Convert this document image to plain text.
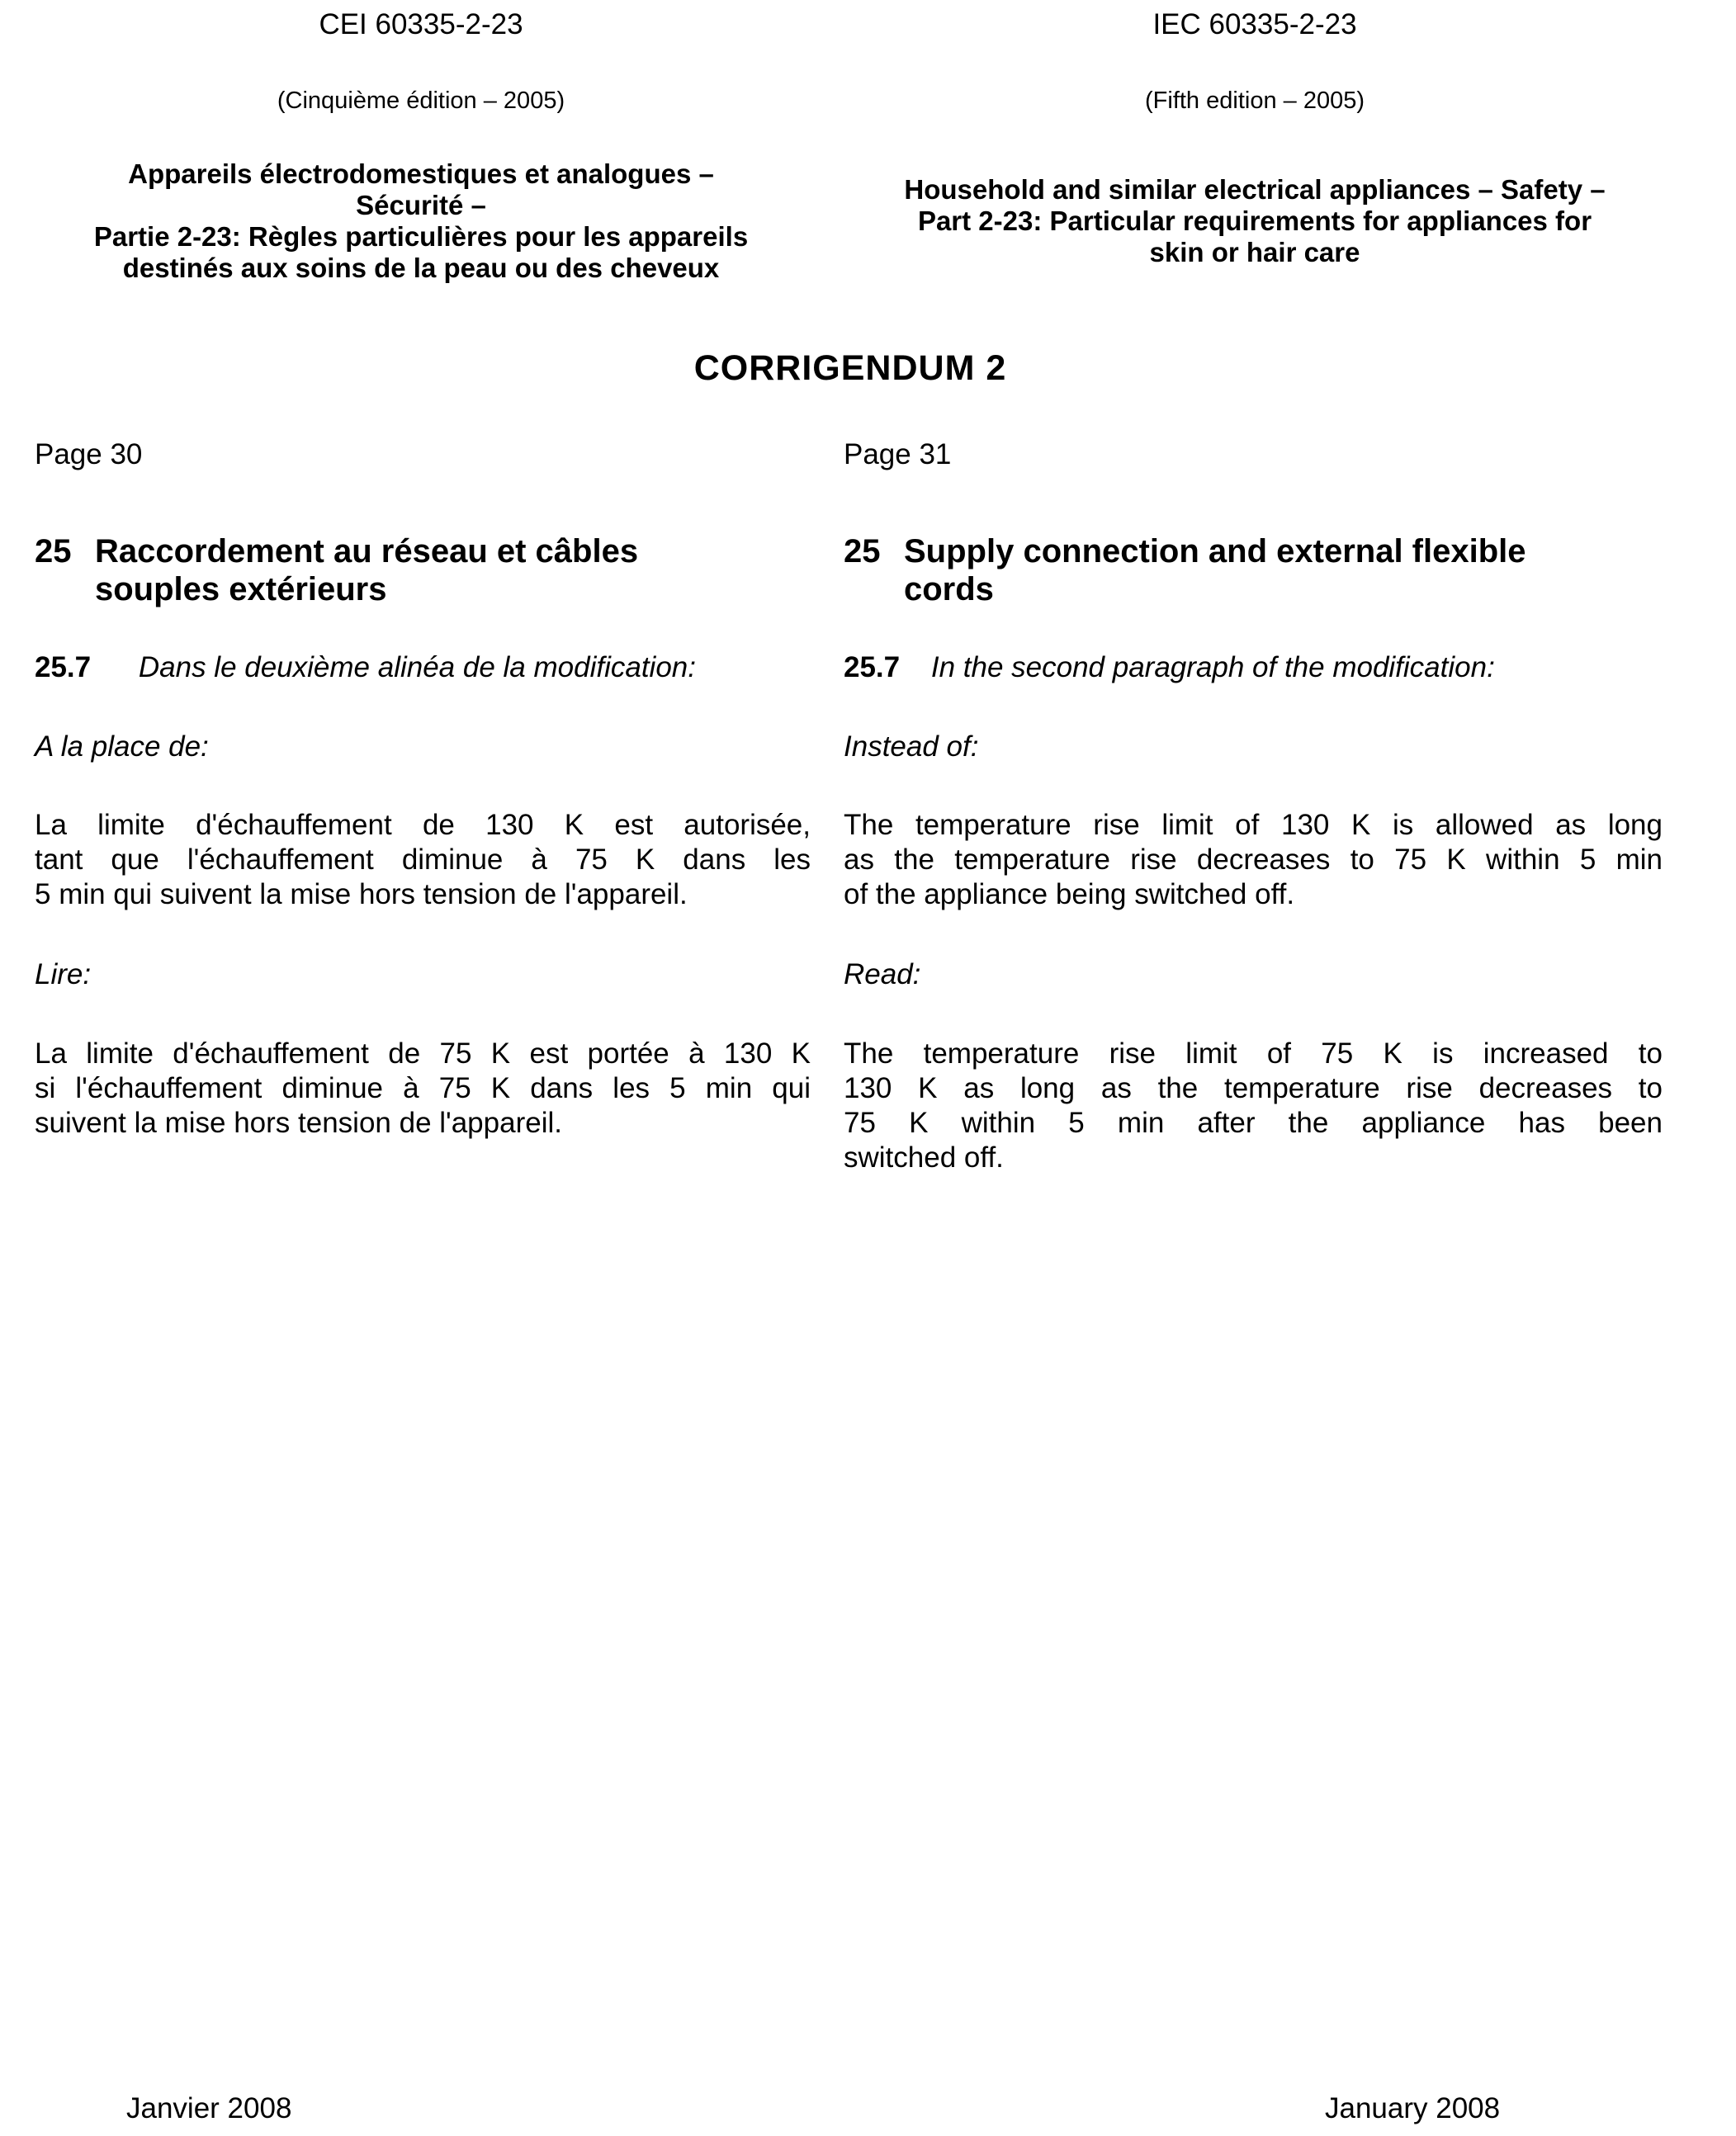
CEI 60335-2-23
(Cinquième édition – 2005)
Appareils électrodomestiques et analogues –
Sécurité –
Partie 2-23: Règles particulières pour les appareils
destinés aux soins de la peau ou des cheveux
IEC 60335-2-23
(Fifth edition – 2005)
Household and similar electrical appliances – Safety –
Part 2-23: Particular requirements for appliances for
skin or hair care
CORRIGENDUM 2
Page 30
25 Raccordement au réseau et câbles
souples extérieurs
25.7 Dans le deuxième alinéa de la modification:
A la place de:
La limite d'échauffement de 130 K est autorisée,
tant que l'échauffement diminue à 75 K dans les
5 min qui suivent la mise hors tension de l'appareil.
Lire:
La limite d'échauffement de 75 K est portée à 130 K
si l'échauffement diminue à 75 K dans les 5 min qui
suivent la mise hors tension de l'appareil.
Page 31
25 Supply connection and external flexible
cords
25.7 In the second paragraph of the modification:
Instead of:
The temperature rise limit of 130 K is allowed as long
as the temperature rise decreases to 75 K within 5 min
of the appliance being switched off.
Read:
The temperature rise limit of 75 K is increased to
130 K as long as the temperature rise decreases to
75 K within 5 min after the appliance has been
switched off.
Janvier 2008	January 2008
